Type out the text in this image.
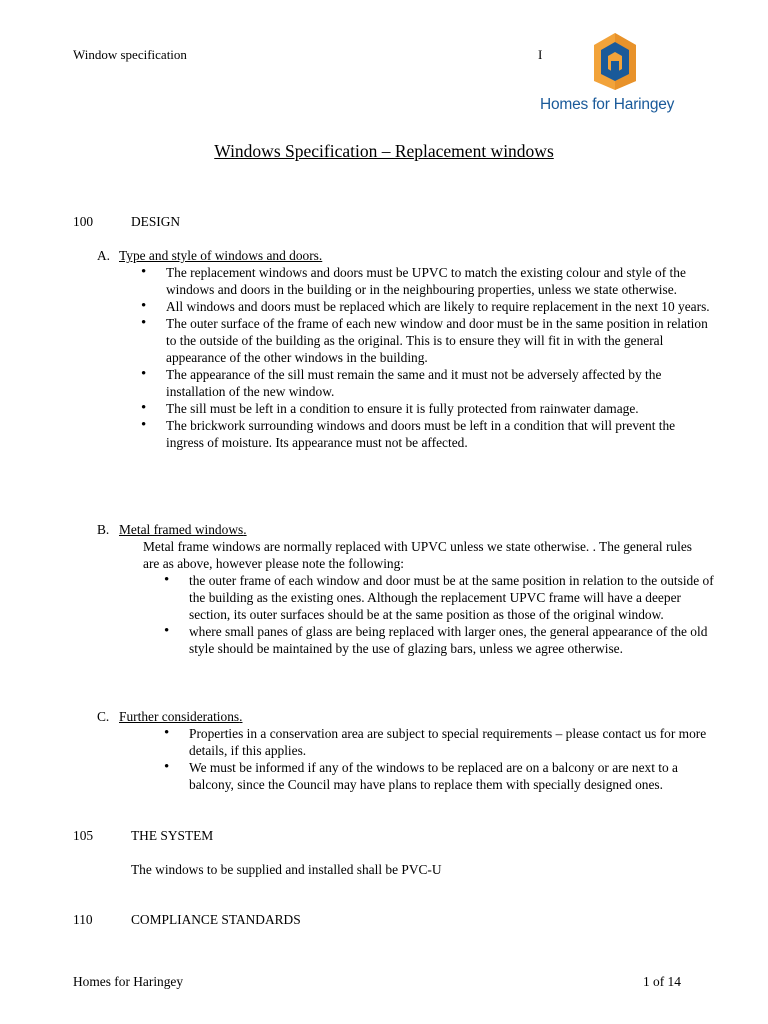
Window specification	I
Homes for Haringey
Windows Specification – Replacement windows
100	DESIGN
A. Type and style of windows and doors.
• The replacement windows and doors must be UPVC to match the existing colour and style of the windows and doors in the building or in the neighbouring properties, unless we state otherwise.
• All windows and doors must be replaced which are likely to require replacement in the next 10 years.
• The outer surface of the frame of each new window and door must be in the same position in relation to the outside of the building as the original. This is to ensure they will fit in with the general appearance of the other windows in the building.
• The appearance of the sill must remain the same and it must not be adversely affected by the installation of the new window.
• The sill must be left in a condition to ensure it is fully protected from rainwater damage.
• The brickwork surrounding windows and doors must be left in a condition that will prevent the ingress of moisture. Its appearance must not be affected.
B. Metal framed windows.
Metal frame windows are normally replaced with UPVC unless we state otherwise. . The general rules are as above, however please note the following:
• the outer frame of each window and door must be at the same position in relation to the outside of the building as the existing ones. Although the replacement UPVC frame will have a deeper section, its outer surfaces should be at the same position as those of the original window.
• where small panes of glass are being replaced with larger ones, the general appearance of the old style should be maintained by the use of glazing bars, unless we agree otherwise.
C. Further considerations.
• Properties in a conservation area are subject to special requirements – please contact us for more details, if this applies.
• We must be informed if any of the windows to be replaced are on a balcony or are next to a balcony, since the Council may have plans to replace them with specially designed ones.
105	THE SYSTEM
The windows to be supplied and installed shall be PVC-U
110	COMPLIANCE STANDARDS
Homes for Haringey	1 of 14
